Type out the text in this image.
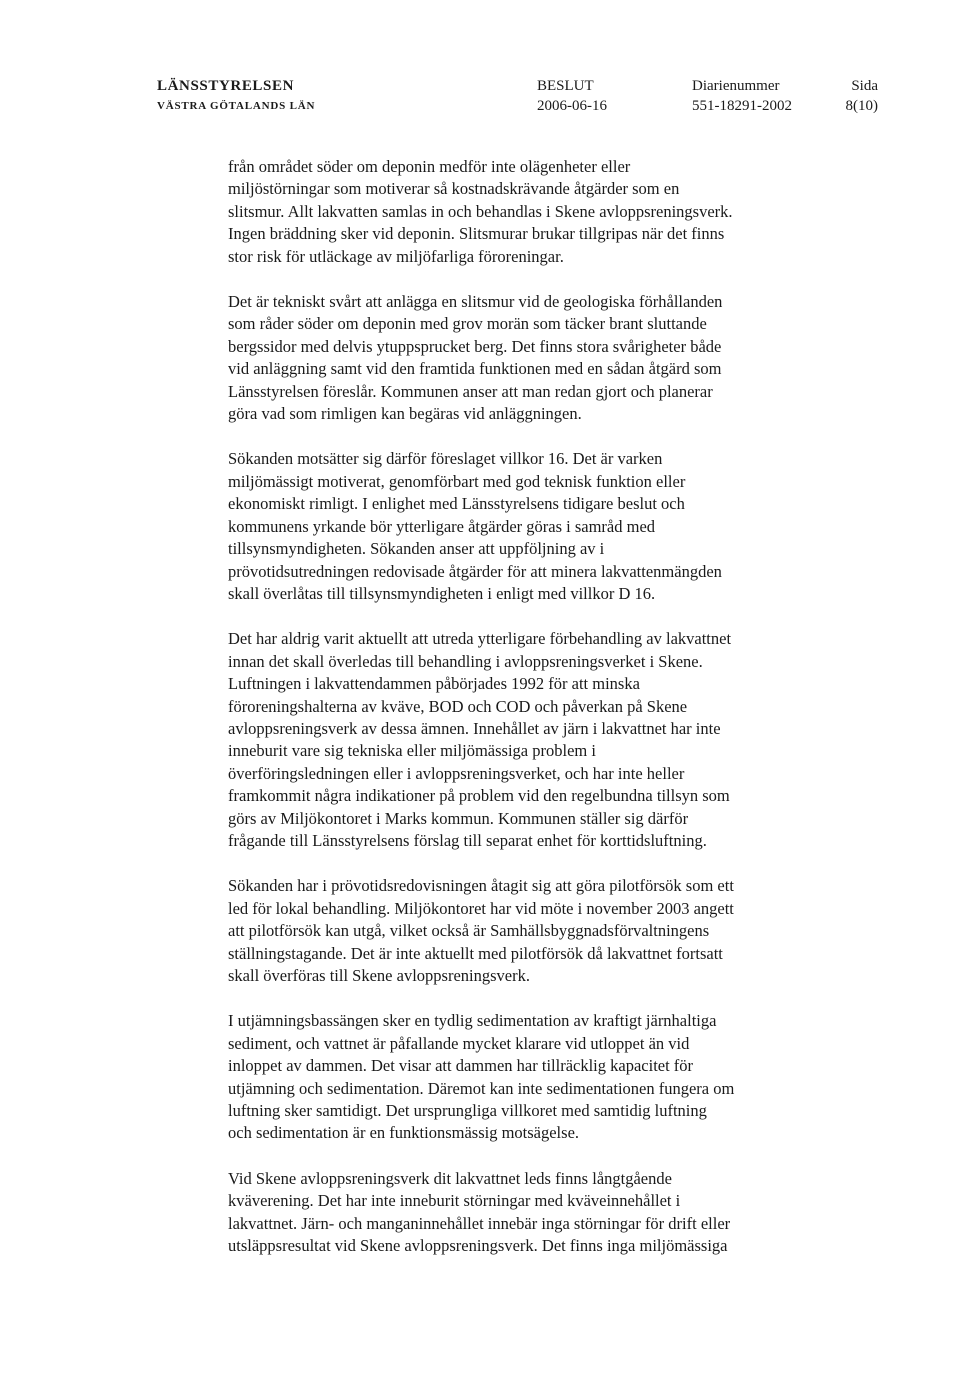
LÄNSSTYRELSEN
VÄSTRA GÖTALANDS LÄN
BESLUT
2006-06-16
Diarienummer
551-18291-2002
Sida
8(10)

från området söder om deponin medför inte olägenheter eller
miljöstörningar som motiverar så kostnadskrävande åtgärder som en
slitsmur. Allt lakvatten samlas in och behandlas i Skene avloppsreningsverk.
Ingen bräddning sker vid deponin. Slitsmurar brukar tillgripas när det finns
stor risk för utläckage av miljöfarliga föroreningar.

Det är tekniskt svårt att anlägga en slitsmur vid de geologiska förhållanden
som råder söder om deponin med grov morän som täcker brant sluttande
bergssidor med delvis ytuppsprucket berg. Det finns stora svårigheter både
vid anläggning samt vid den framtida funktionen med en sådan åtgärd som
Länsstyrelsen föreslår. Kommunen anser att man redan gjort och planerar
göra vad som rimligen kan begäras vid anläggningen.

Sökanden motsätter sig därför föreslaget villkor 16. Det är varken
miljömässigt motiverat, genomförbart med god teknisk funktion eller
ekonomiskt rimligt. I enlighet med Länsstyrelsens tidigare beslut och
kommunens yrkande bör ytterligare åtgärder göras i samråd med
tillsynsmyndigheten. Sökanden anser att uppföljning av i
prövotidsutredningen redovisade åtgärder för att minera lakvattenmängden
skall överlåtas till tillsynsmyndigheten i enligt med villkor D 16.

Det har aldrig varit aktuellt att utreda ytterligare förbehandling av lakvattnet
innan det skall överledas till behandling i avloppsreningsverket i Skene.
Luftningen i lakvattendammen påbörjades 1992 för att minska
föroreningshalterna av kväve, BOD och COD och påverkan på Skene
avloppsreningsverk av dessa ämnen. Innehållet av järn i lakvattnet har inte
inneburit vare sig tekniska eller miljömässiga problem i
överföringsledningen eller i avloppsreningsverket, och har inte heller
framkommit några indikationer på problem vid den regelbundna tillsyn som
görs av Miljökontoret i Marks kommun. Kommunen ställer sig därför
frågande till Länsstyrelsens förslag till separat enhet för korttidsluftning.

Sökanden har i prövotidsredovisningen åtagit sig att göra pilotförsök som ett
led för lokal behandling. Miljökontoret har vid möte i november 2003 angett
att pilotförsök kan utgå, vilket också är Samhällsbyggnadsförvaltningens
ställningstagande. Det är inte aktuellt med pilotförsök då lakvattnet fortsatt
skall överföras till Skene avloppsreningsverk.

I utjämningsbassängen sker en tydlig sedimentation av kraftigt järnhaltiga
sediment, och vattnet är påfallande mycket klarare vid utloppet än vid
inloppet av dammen. Det visar att dammen har tillräcklig kapacitet för
utjämning och sedimentation. Däremot kan inte sedimentationen fungera om
luftning sker samtidigt. Det ursprungliga villkoret med samtidig luftning
och sedimentation är en funktionsmässig motsägelse.

Vid Skene avloppsreningsverk dit lakvattnet leds finns långtgående
kväverening. Det har inte inneburit störningar med kväveinnehållet i
lakvattnet. Järn- och manganinnehållet innebär inga störningar för drift eller
utsläppsresultat vid Skene avloppsreningsverk. Det finns inga miljömässiga
